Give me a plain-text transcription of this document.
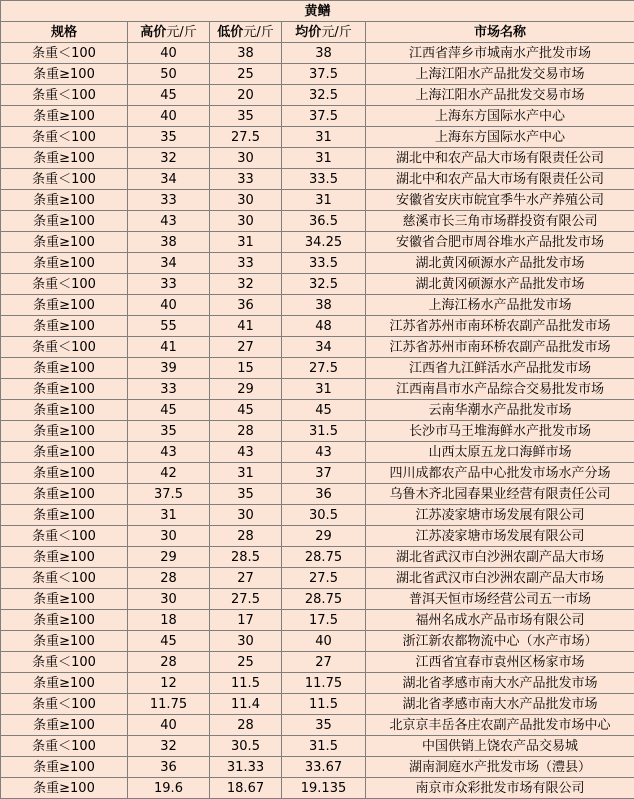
黄鳝				
规格	高价元/斤	低价元/斤	均价元/斤	市场名称
条重＜100	40	38	38	江西省萍乡市城南水产批发市场
条重≥100	50	25	37.5	上海江阳水产品批发交易市场
条重＜100	45	20	32.5	上海江阳水产品批发交易市场
条重≥100	40	35	37.5	上海东方国际水产中心
条重＜100	35	27.5	31	上海东方国际水产中心
条重≥100	32	30	31	湖北中和农产品大市场有限责任公司
条重＜100	34	33	33.5	湖北中和农产品大市场有限责任公司
条重≥100	33	30	31	安徽省安庆市皖宜季牛水产养殖公司
条重≥100	43	30	36.5	慈溪市长三角市场群投资有限公司
条重≥100	38	31	34.25	安徽省合肥市周谷堆水产品批发市场
条重≥100	34	33	33.5	湖北黄冈硕源水产品批发市场
条重＜100	33	32	32.5	湖北黄冈硕源水产品批发市场
条重≥100	40	36	38	上海江杨水产品批发市场
条重≥100	55	41	48	江苏省苏州市南环桥农副产品批发市场
条重＜100	41	27	34	江苏省苏州市南环桥农副产品批发市场
条重≥100	39	15	27.5	江西省九江鲜活水产品批发市场
条重≥100	33	29	31	江西南昌市水产品综合交易批发市场
条重≥100	45	45	45	云南华潮水产品批发市场
条重≥100	35	28	31.5	长沙市马王堆海鲜水产批发市场
条重≥100	43	43	43	山西太原五龙口海鲜市场
条重≥100	42	31	37	四川成都农产品中心批发市场水产分场
条重≥100	37.5	35	36	乌鲁木齐北园春果业经营有限责任公司
条重≥100	31	30	30.5	江苏凌家塘市场发展有限公司
条重＜100	30	28	29	江苏凌家塘市场发展有限公司
条重≥100	29	28.5	28.75	湖北省武汉市白沙洲农副产品大市场
条重＜100	28	27	27.5	湖北省武汉市白沙洲农副产品大市场
条重≥100	30	27.5	28.75	普洱天恒市场经营公司五一市场
条重≥100	18	17	17.5	福州名成水产品市场有限公司
条重≥100	45	30	40	浙江新农都物流中心（水产市场）
条重＜100	28	25	27	江西省宜春市袁州区杨家市场
条重≥100	12	11.5	11.75	湖北省孝感市南大水产品批发市场
条重＜100	11.75	11.4	11.5	湖北省孝感市南大水产品批发市场
条重≥100	40	28	35	北京京丰岳各庄农副产品批发市场中心
条重＜100	32	30.5	31.5	中国供销上饶农产品交易城
条重≥100	36	31.33	33.67	湖南洞庭水产批发市场（澧县）
条重≥100	19.6	18.67	19.135	南京市众彩批发市场有限公司
